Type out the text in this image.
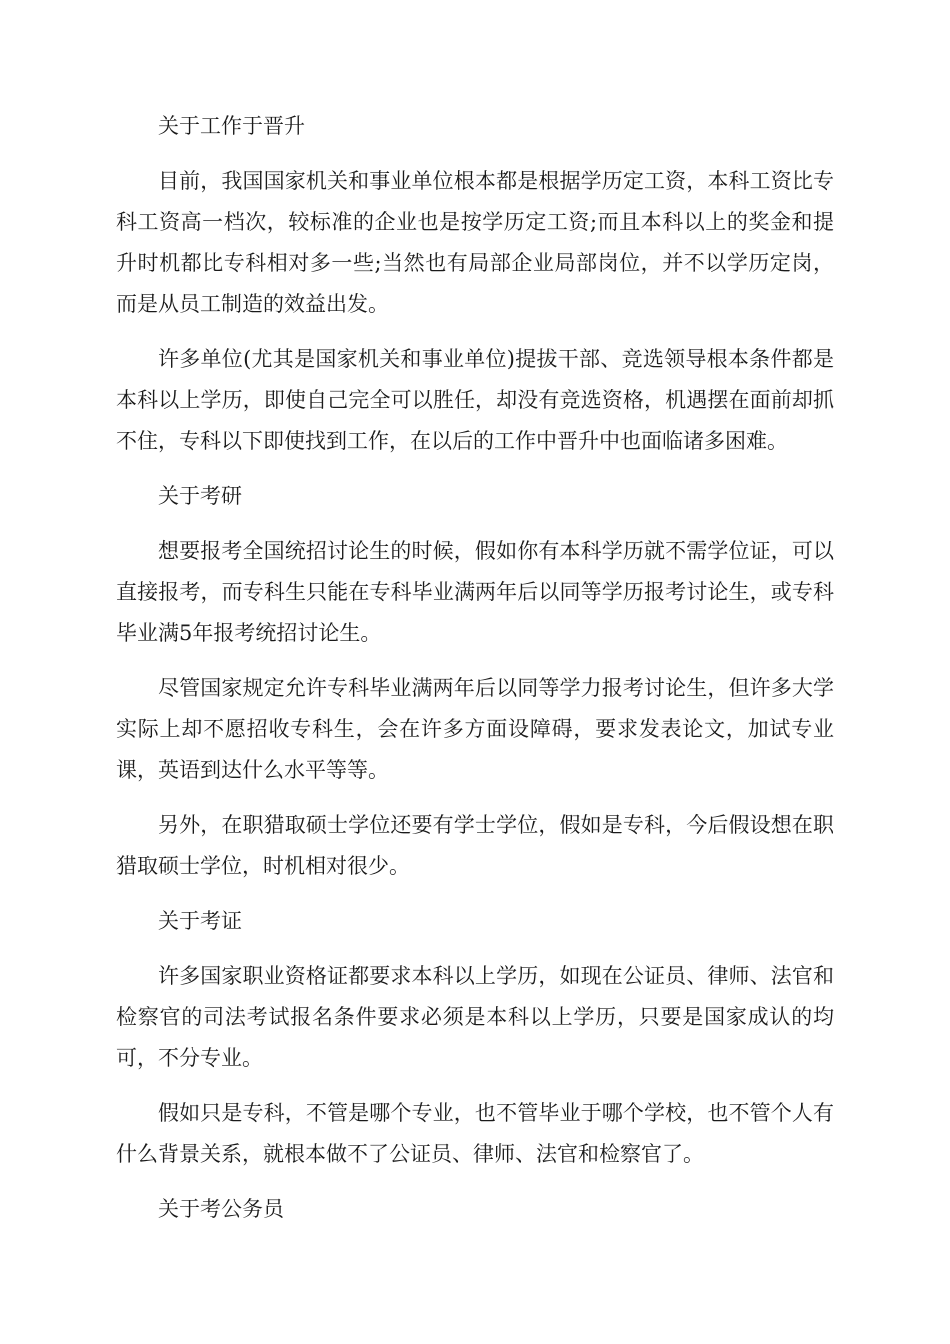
关于工作于晋升

目前，我国国家机关和事业单位根本都是根据学历定工资，本科工资比专科工资高一档次，较标准的企业也是按学历定工资;而且本科以上的奖金和提升时机都比专科相对多一些;当然也有局部企业局部岗位，并不以学历定岗，而是从员工制造的效益出发。

许多单位(尤其是国家机关和事业单位)提拔干部、竞选领导根本条件都是本科以上学历，即使自己完全可以胜任，却没有竞选资格，机遇摆在面前却抓不住，专科以下即使找到工作，在以后的工作中晋升中也面临诸多困难。

关于考研

想要报考全国统招讨论生的时候，假如你有本科学历就不需学位证，可以直接报考，而专科生只能在专科毕业满两年后以同等学历报考讨论生，或专科毕业满5年报考统招讨论生。

尽管国家规定允许专科毕业满两年后以同等学力报考讨论生，但许多大学实际上却不愿招收专科生，会在许多方面设障碍，要求发表论文，加试专业课，英语到达什么水平等等。

另外，在职猎取硕士学位还要有学士学位，假如是专科，今后假设想在职猎取硕士学位，时机相对很少。

关于考证

许多国家职业资格证都要求本科以上学历，如现在公证员、律师、法官和检察官的司法考试报名条件要求必须是本科以上学历，只要是国家成认的均可，不分专业。

假如只是专科，不管是哪个专业，也不管毕业于哪个学校，也不管个人有什么背景关系，就根本做不了公证员、律师、法官和检察官了。

关于考公务员
